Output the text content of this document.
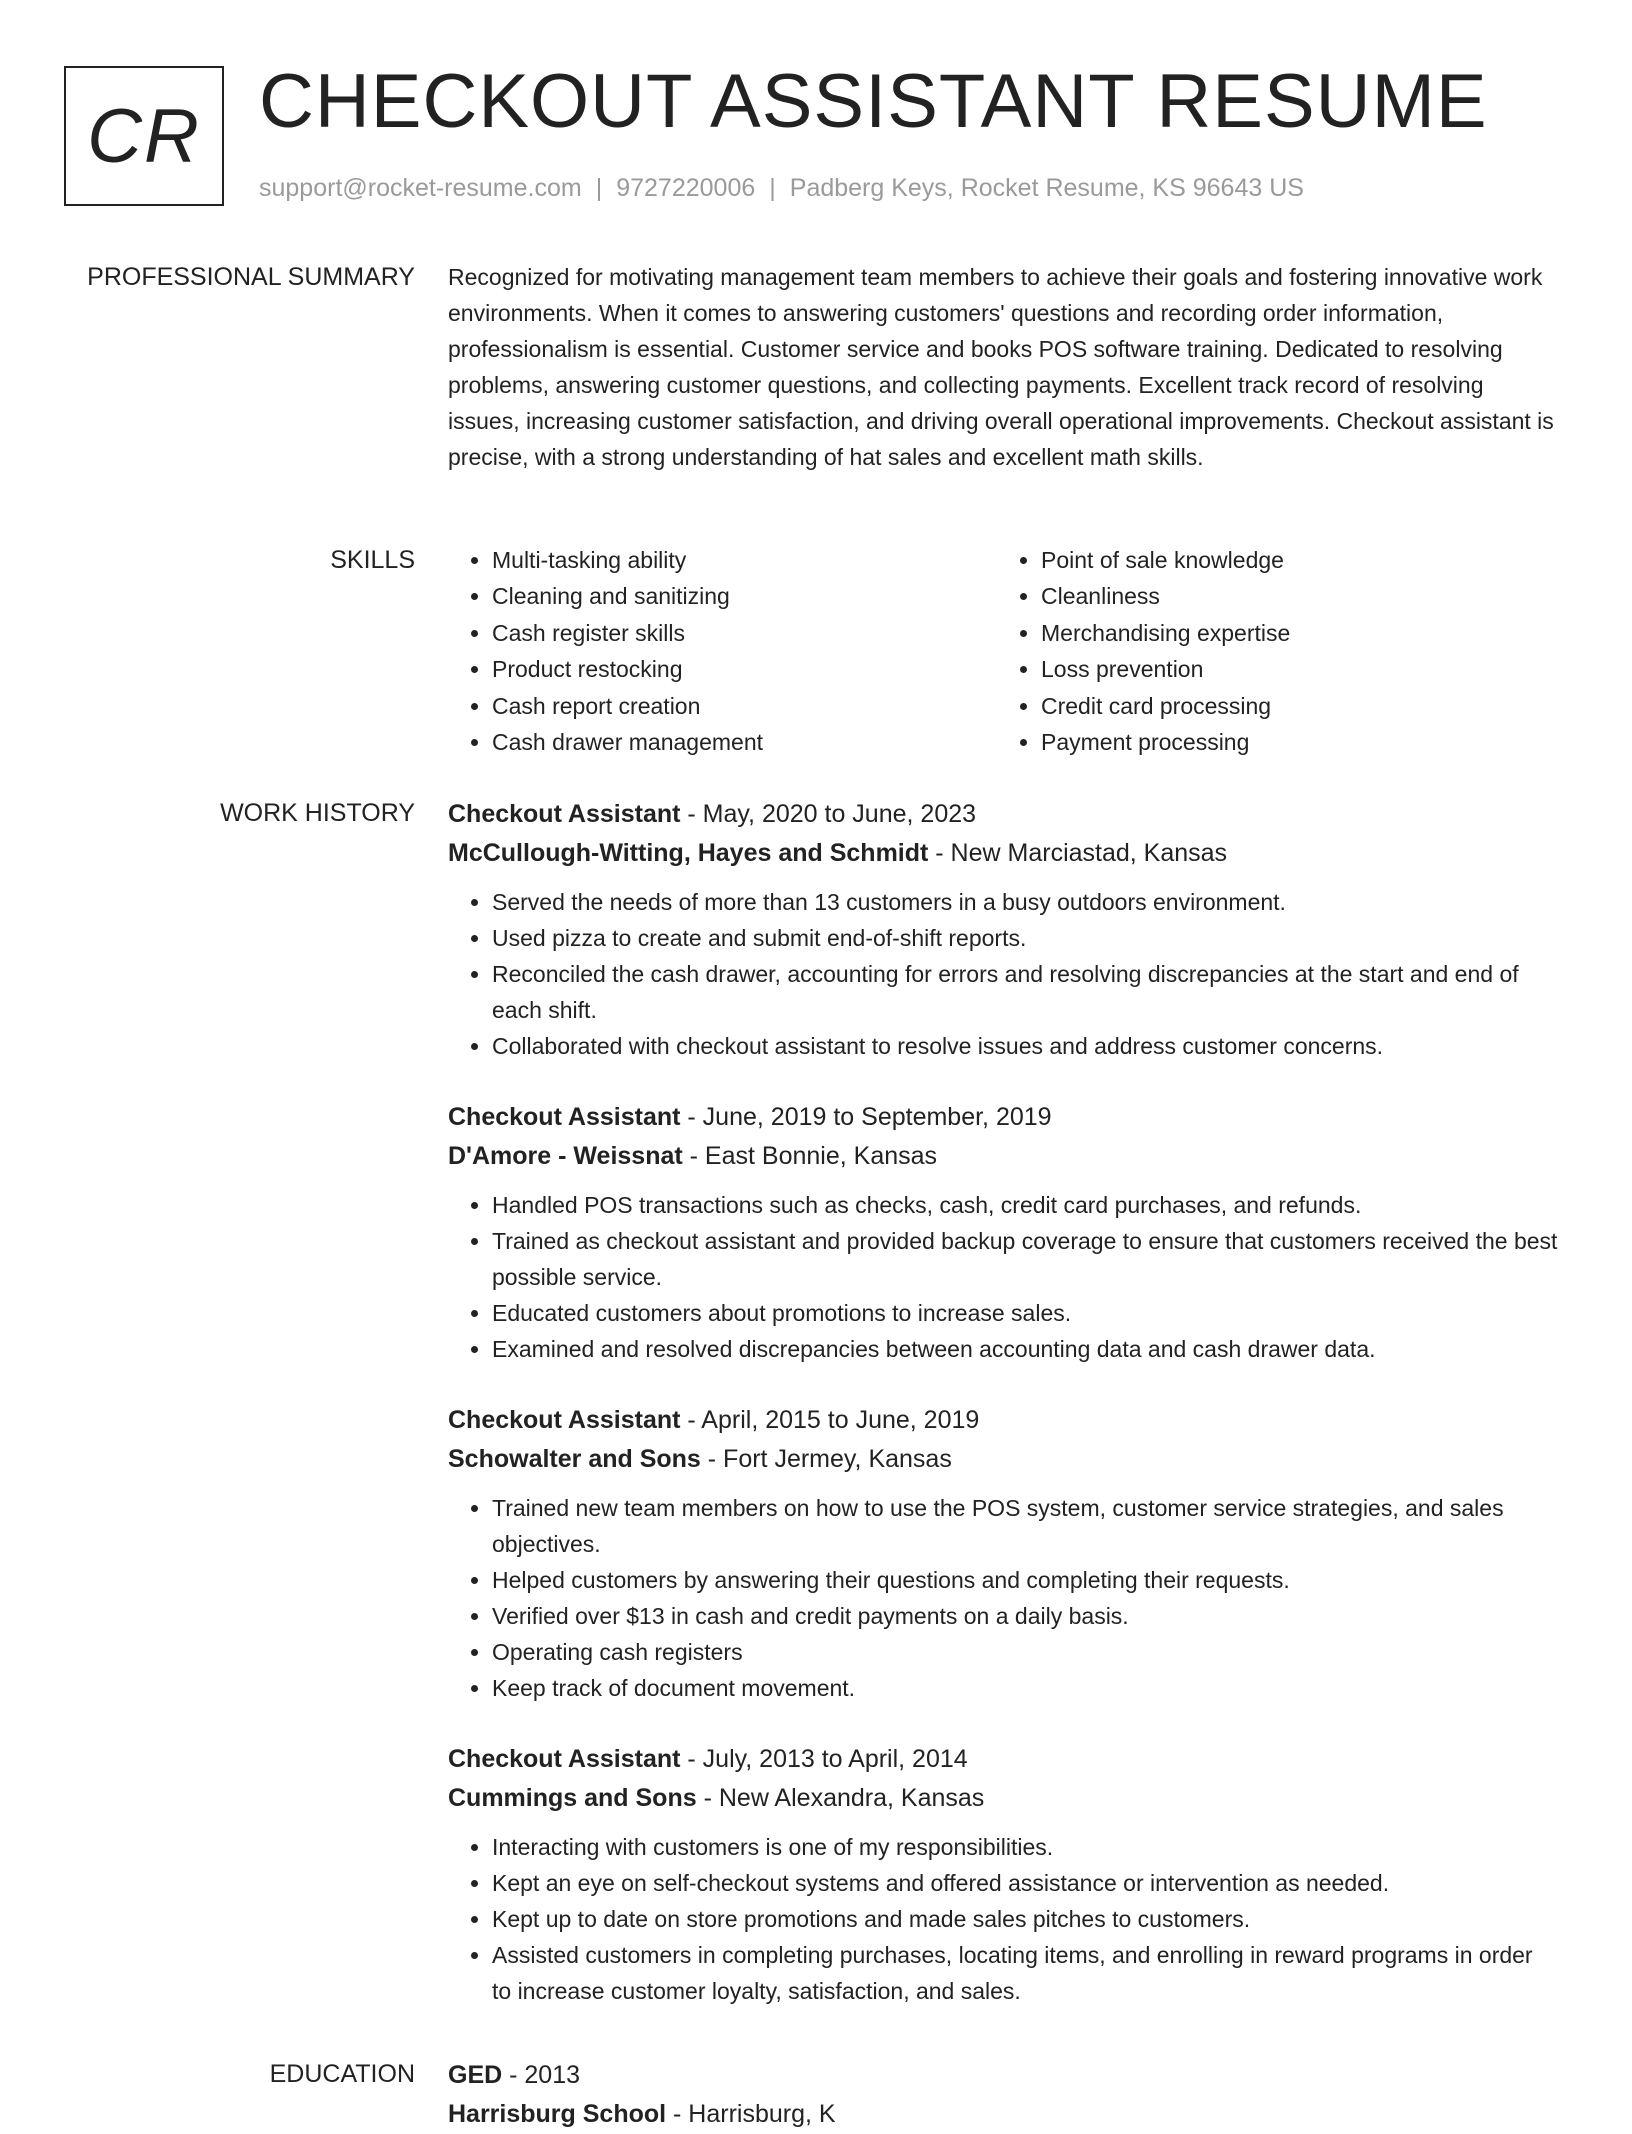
CR CHECKOUT ASSISTANT RESUME
support@rocket-resume.com | 9727220006 | Padberg Keys, Rocket Resume, KS 96643 US
PROFESSIONAL SUMMARY Recognized for motivating management team members to achieve their goals and fostering innovative work environments. When it comes to answering customers' questions and recording order information, professionalism is essential. Customer service and books POS software training. Dedicated to resolving problems, answering customer questions, and collecting payments. Excellent track record of resolving issues, increasing customer satisfaction, and driving overall operational improvements. Checkout assistant is precise, with a strong understanding of hat sales and excellent math skills.

SKILLS
•	Multi-tasking ability
• Cleaning and sanitizing
• Cash register skills
• Product restocking
• Cash report creation
• Cash drawer management
• Point of sale knowledge
• Cleanliness
• Merchandising expertise
• Loss prevention
• Credit card processing
• Payment processing
WORK HISTORY Checkout Assistant - May, 2020 to June, 2023
McCullough-Witting, Hayes and Schmidt - New Marciastad, Kansas
• Served the needs of more than 13 customers in a busy outdoors environment.
• Used pizza to create and submit end-of-shift reports.
• Reconciled the cash drawer, accounting for errors and resolving discrepancies at the start and end of each shift.
• Collaborated with checkout assistant to resolve issues and address customer concerns.
Checkout Assistant - June, 2019 to September, 2019
D'Amore - Weissnat - East Bonnie, Kansas
• Handled POS transactions such as checks, cash, credit card purchases, and refunds.
• Trained as checkout assistant and provided backup coverage to ensure that customers received the best possible service.
• Educated customers about promotions to increase sales.
• Examined and resolved discrepancies between accounting data and cash drawer data.
Checkout Assistant - April, 2015 to June, 2019
Schowalter and Sons - Fort Jermey, Kansas
• Trained new team members on how to use the POS system, customer service strategies, and sales objectives.
• Helped customers by answering their questions and completing their requests.
• Verified over $13 in cash and credit payments on a daily basis.
• Operating cash registers
• Keep track of document movement.
Checkout Assistant - July, 2013 to April, 2014
Cummings and Sons - New Alexandra, Kansas
• Interacting with customers is one of my responsibilities.
• Kept an eye on self-checkout systems and offered assistance or intervention as needed.
• Kept up to date on store promotions and made sales pitches to customers.
• Assisted customers in completing purchases, locating items, and enrolling in reward programs in order to increase customer loyalty, satisfaction, and sales.
EDUCATION GED - 2013
Harrisburg School - Harrisburg, K
